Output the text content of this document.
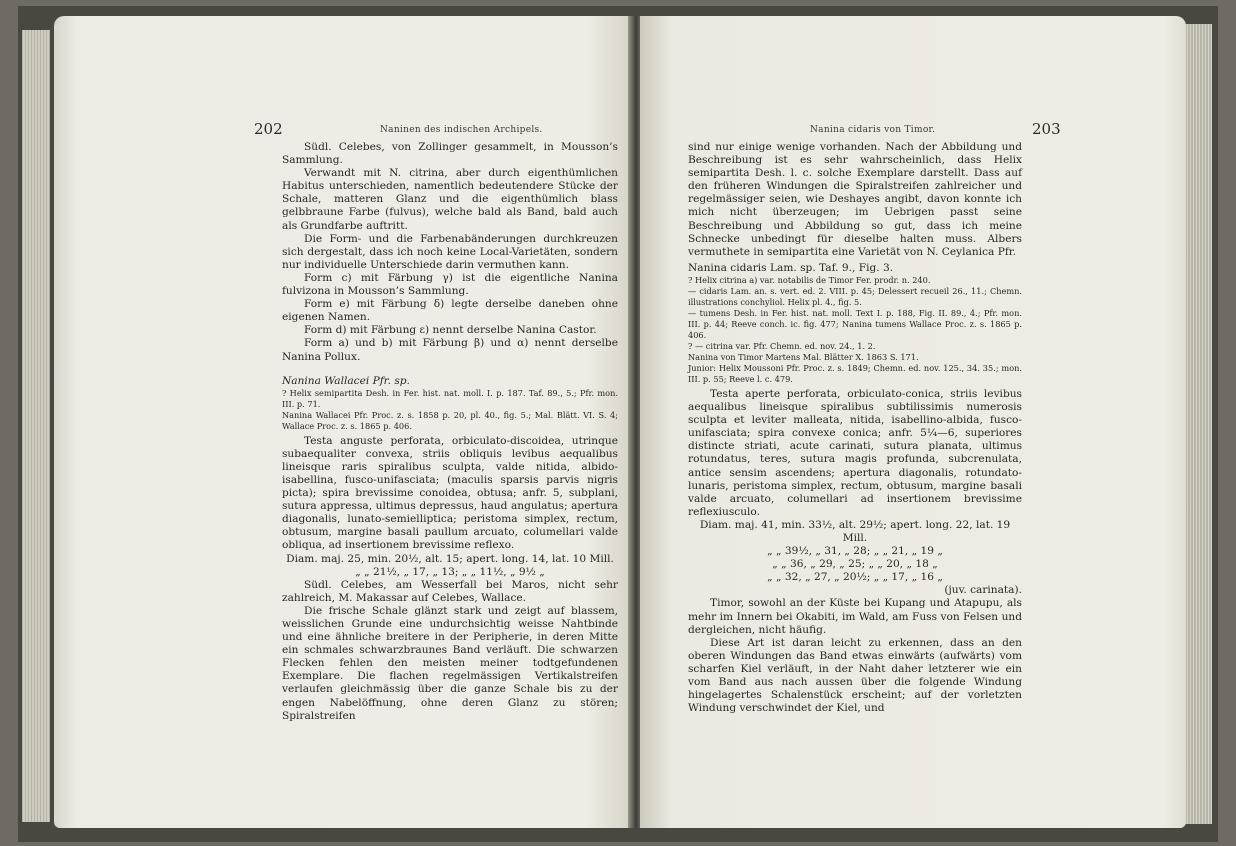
202	Naninen des indischen Archipels.

Südl. Celebes, von Zollinger gesammelt, in Mousson’s Sammlung.

Verwandt mit N. citrina, aber durch eigenthümlichen Habitus unterschieden, namentlich bedeutendere Stücke der Schale, matteren Glanz und die eigenthümlich blass gelbbraune Farbe (fulvus), welche bald als Band, bald auch als Grundfarbe auftritt.

Die Form- und die Farbenabänderungen durchkreuzen sich dergestalt, dass ich noch keine Local-Varietäten, sondern nur individuelle Unterschiede darin vermuthen kann.

Form c) mit Färbung γ) ist die eigentliche Nanina fulvizona in Mousson’s Sammlung.

Form e) mit Färbung δ) legte derselbe daneben ohne eigenen Namen.

Form d) mit Färbung ε) nennt derselbe Nanina Castor.

Form a) und b) mit Färbung β) und α) nennt derselbe Nanina Pollux.

Nanina Wallacei Pfr. sp.

? Helix semipartita Desh. in Fer. hist. nat. moll. I. p. 187. Taf. 89., 5.; Pfr. mon. III. p. 71.

Nanina Wallacei Pfr. Proc. z. s. 1858 p. 20, pl. 40., fig. 5.; Mal. Blätt. VI. S. 4; Wallace Proc. z. s. 1865 p. 406.

Testa anguste perforata, orbiculato-discoidea, utrinque subaequaliter convexa, striis obliquis levibus aequalibus lineisque raris spiralibus sculpta, valde nitida, albido-isabellina, fusco-unifasciata; (maculis sparsis parvis nigris picta); spira brevissime conoidea, obtusa; anfr. 5, subplani, sutura appressa, ultimus depressus, haud angulatus; apertura diagonalis, lunato-semielliptica; peristoma simplex, rectum, obtusum, margine basali paullum arcuato, columellari valde obliqua, ad insertionem brevissime reflexo.

Diam. maj. 25, min. 20½, alt. 15; apert. long. 14, lat. 10 Mill.

„ „ 21½, „ 17, „ 13; „ „ 11½, „ 9½ „

Südl. Celebes, am Wesserfall bei Maros, nicht sehr zahlreich, M. Makassar auf Celebes, Wallace.

Die frische Schale glänzt stark und zeigt auf blassem, weisslichen Grunde eine undurchsichtig weisse Nahtbinde und eine ähnliche breitere in der Peripherie, in deren Mitte ein schmales schwarzbraunes Band verläuft. Die schwarzen Flecken fehlen den meisten meiner todtgefundenen Exemplare. Die flachen regelmässigen Vertikalstreifen verlaufen gleichmässig über die ganze Schale bis zu der engen Nabelöffnung, ohne deren Glanz zu stören; Spiralstreifen

Nanina cidaris von Timor.	203

sind nur einige wenige vorhanden. Nach der Abbildung und Beschreibung ist es sehr wahrscheinlich, dass Helix semipartita Desh. l. c. solche Exemplare darstellt. Dass auf den früheren Windungen die Spiralstreifen zahlreicher und regelmässiger seien, wie Deshayes angibt, davon konnte ich mich nicht überzeugen; im Uebrigen passt seine Beschreibung und Abbildung so gut, dass ich meine Schnecke unbedingt für dieselbe halten muss. Albers vermuthete in semipartita eine Varietät von N. Ceylanica Pfr.

Nanina cidaris Lam. sp. Taf. 9., Fig. 3.

? Helix citrina a) var. notabilis de Timor Fer. prodr. n. 240.

— cidaris Lam. an. s. vert. ed. 2. VIII. p. 45; Delessert recueil 26., 11.; Chemn. illustrations conchyliol. Helix pl. 4., fig. 5.

— tumens Desh. in Fer. hist. nat. moll. Text I. p. 188, Fig. II. 89., 4.; Pfr. mon. III. p. 44; Reeve conch. ic. fig. 477; Nanina tumens Wallace Proc. z. s. 1865 p. 406.

? — citrina var. Pfr. Chemn. ed. nov. 24., 1. 2.

Nanina von Timor Martens Mal. Blätter X. 1863 S. 171.

Junior: Helix Moussoni Pfr. Proc. z. s. 1849; Chemn. ed. nov. 125., 34. 35.; mon. III. p. 55; Reeve l. c. 479.

Testa aperte perforata, orbiculato-conica, striis levibus aequalibus lineisque spiralibus subtilissimis numerosis sculpta et leviter malleata, nitida, isabellino-albida, fusco-unifasciata; spira convexe conica; anfr. 5¼—6, superiores distincte striati, acute carinati, sutura planata, ultimus rotundatus, teres, sutura magis profunda, subcrenulata, antice sensim ascendens; apertura diagonalis, rotundato-lunaris, peristoma simplex, rectum, obtusum, margine basali valde arcuato, columellari ad insertionem brevissime reflexiusculo.

Diam. maj. 41, min. 33½, alt. 29½; apert. long. 22, lat. 19 Mill.

„ „ 39½, „ 31, „ 28; „ „ 21, „ 19 „

„ „ 36, „ 29, „ 25; „ „ 20, „ 18 „

„ „ 32, „ 27, „ 20½; „ „ 17, „ 16 „

(juv. carinata).

Timor, sowohl an der Küste bei Kupang und Atapupu, als mehr im Innern bei Okabiti, im Wald, am Fuss von Felsen und dergleichen, nicht häufig.

Diese Art ist daran leicht zu erkennen, dass an den oberen Windungen das Band etwas einwärts (aufwärts) vom scharfen Kiel verläuft, in der Naht daher letzterer wie ein vom Band aus nach aussen über die folgende Windung hingelagertes Schalenstück erscheint; auf der vorletzten Windung verschwindet der Kiel, und
